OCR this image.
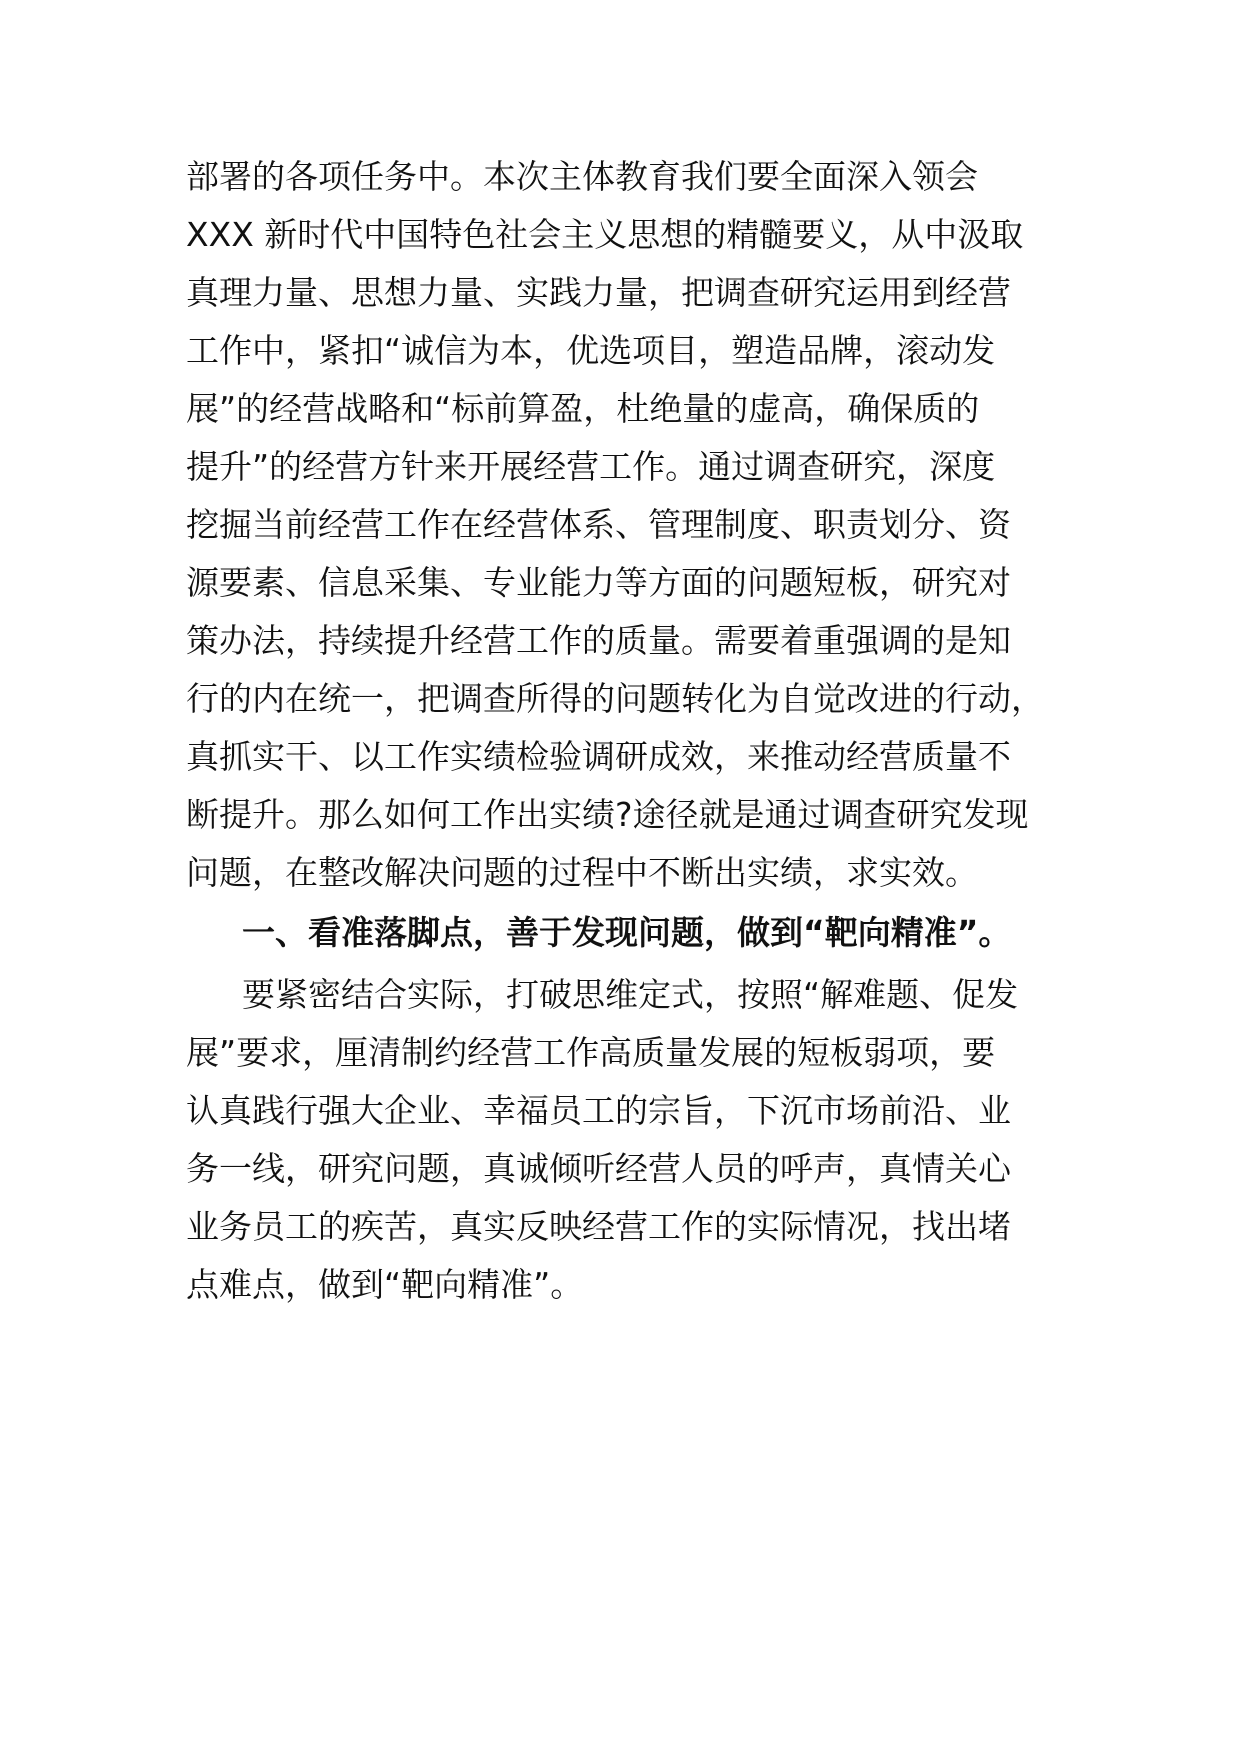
部署的各项任务中。本次主体教育我们要全面深入领会
XXX 新时代中国特色社会主义思想的精髓要义，从中汲取
真理力量、思想力量、实践力量，把调查研究运用到经营
工作中，紧扣“诚信为本，优选项目，塑造品牌，滚动发
展”的经营战略和“标前算盈，杜绝量的虚高，确保质的
提升”的经营方针来开展经营工作。通过调查研究，深度
挖掘当前经营工作在经营体系、管理制度、职责划分、资
源要素、信息采集、专业能力等方面的问题短板，研究对
策办法，持续提升经营工作的质量。需要着重强调的是知
行的内在统一，把调查所得的问题转化为自觉改进的行动，
真抓实干、以工作实绩检验调研成效，来推动经营质量不
断提升。那么如何工作出实绩?途径就是通过调查研究发现
问题，在整改解决问题的过程中不断出实绩，求实效。
一、看准落脚点，善于发现问题，做到“靶向精准”。
要紧密结合实际，打破思维定式，按照“解难题、促发
展”要求，厘清制约经营工作高质量发展的短板弱项，要
认真践行强大企业、幸福员工的宗旨，下沉市场前沿、业
务一线，研究问题，真诚倾听经营人员的呼声，真情关心
业务员工的疾苦，真实反映经营工作的实际情况，找出堵
点难点，做到“靶向精准”。
